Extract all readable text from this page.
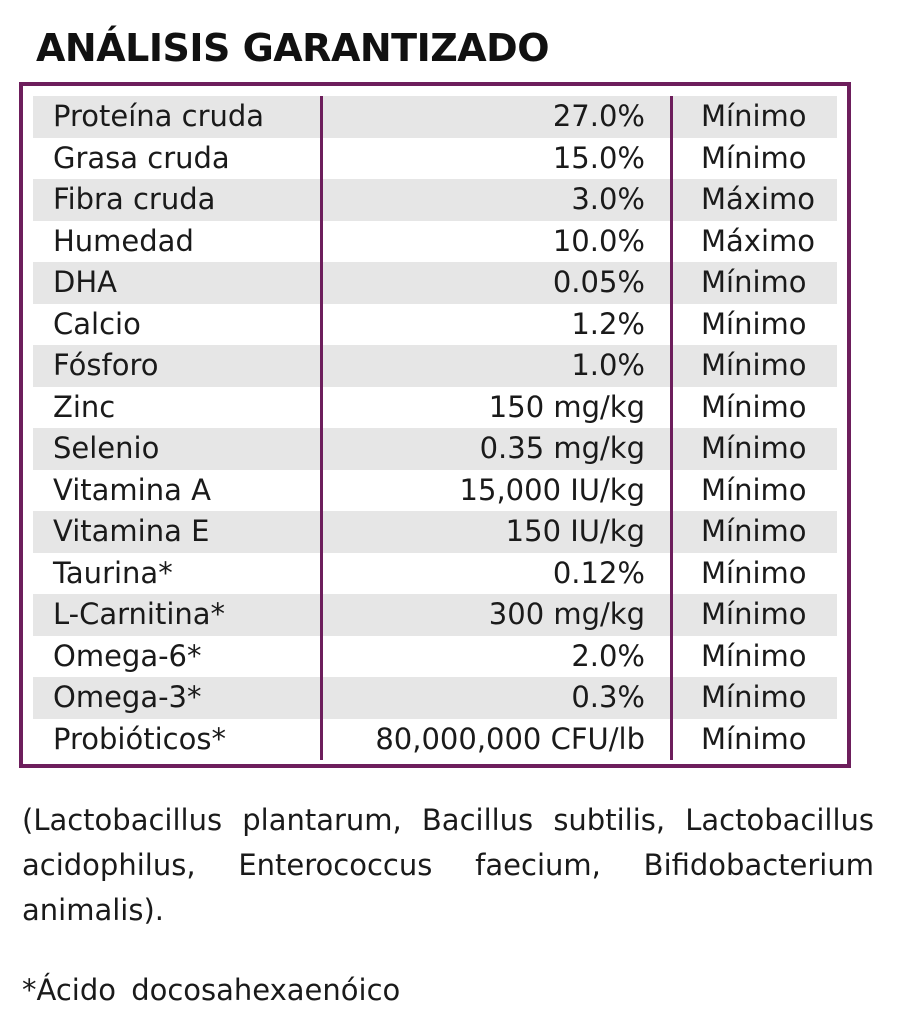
ANÁLISIS GARANTIZADO
Proteína cruda	27.0%	Mínimo
Grasa cruda	15.0%	Mínimo
Fibra cruda	3.0%	Máximo
Humedad	10.0%	Máximo
DHA	0.05%	Mínimo
Calcio	1.2%	Mínimo
Fósforo	1.0%	Mínimo
Zinc	150 mg/kg	Mínimo
Selenio	0.35 mg/kg	Mínimo
Vitamina A	15,000 IU/kg	Mínimo
Vitamina E	150 IU/kg	Mínimo
Taurina*	0.12%	Mínimo
L-Carnitina*	300 mg/kg	Mínimo
Omega-6*	2.0%	Mínimo
Omega-3*	0.3%	Mínimo
Probióticos*	80,000,000 CFU/lb	Mínimo

(Lactobacillus plantarum, Bacillus subtilis, Lactobacillus acidophilus, Enterococcus faecium, Bifidobacterium animalis).

*Ácido docosahexaenóico
